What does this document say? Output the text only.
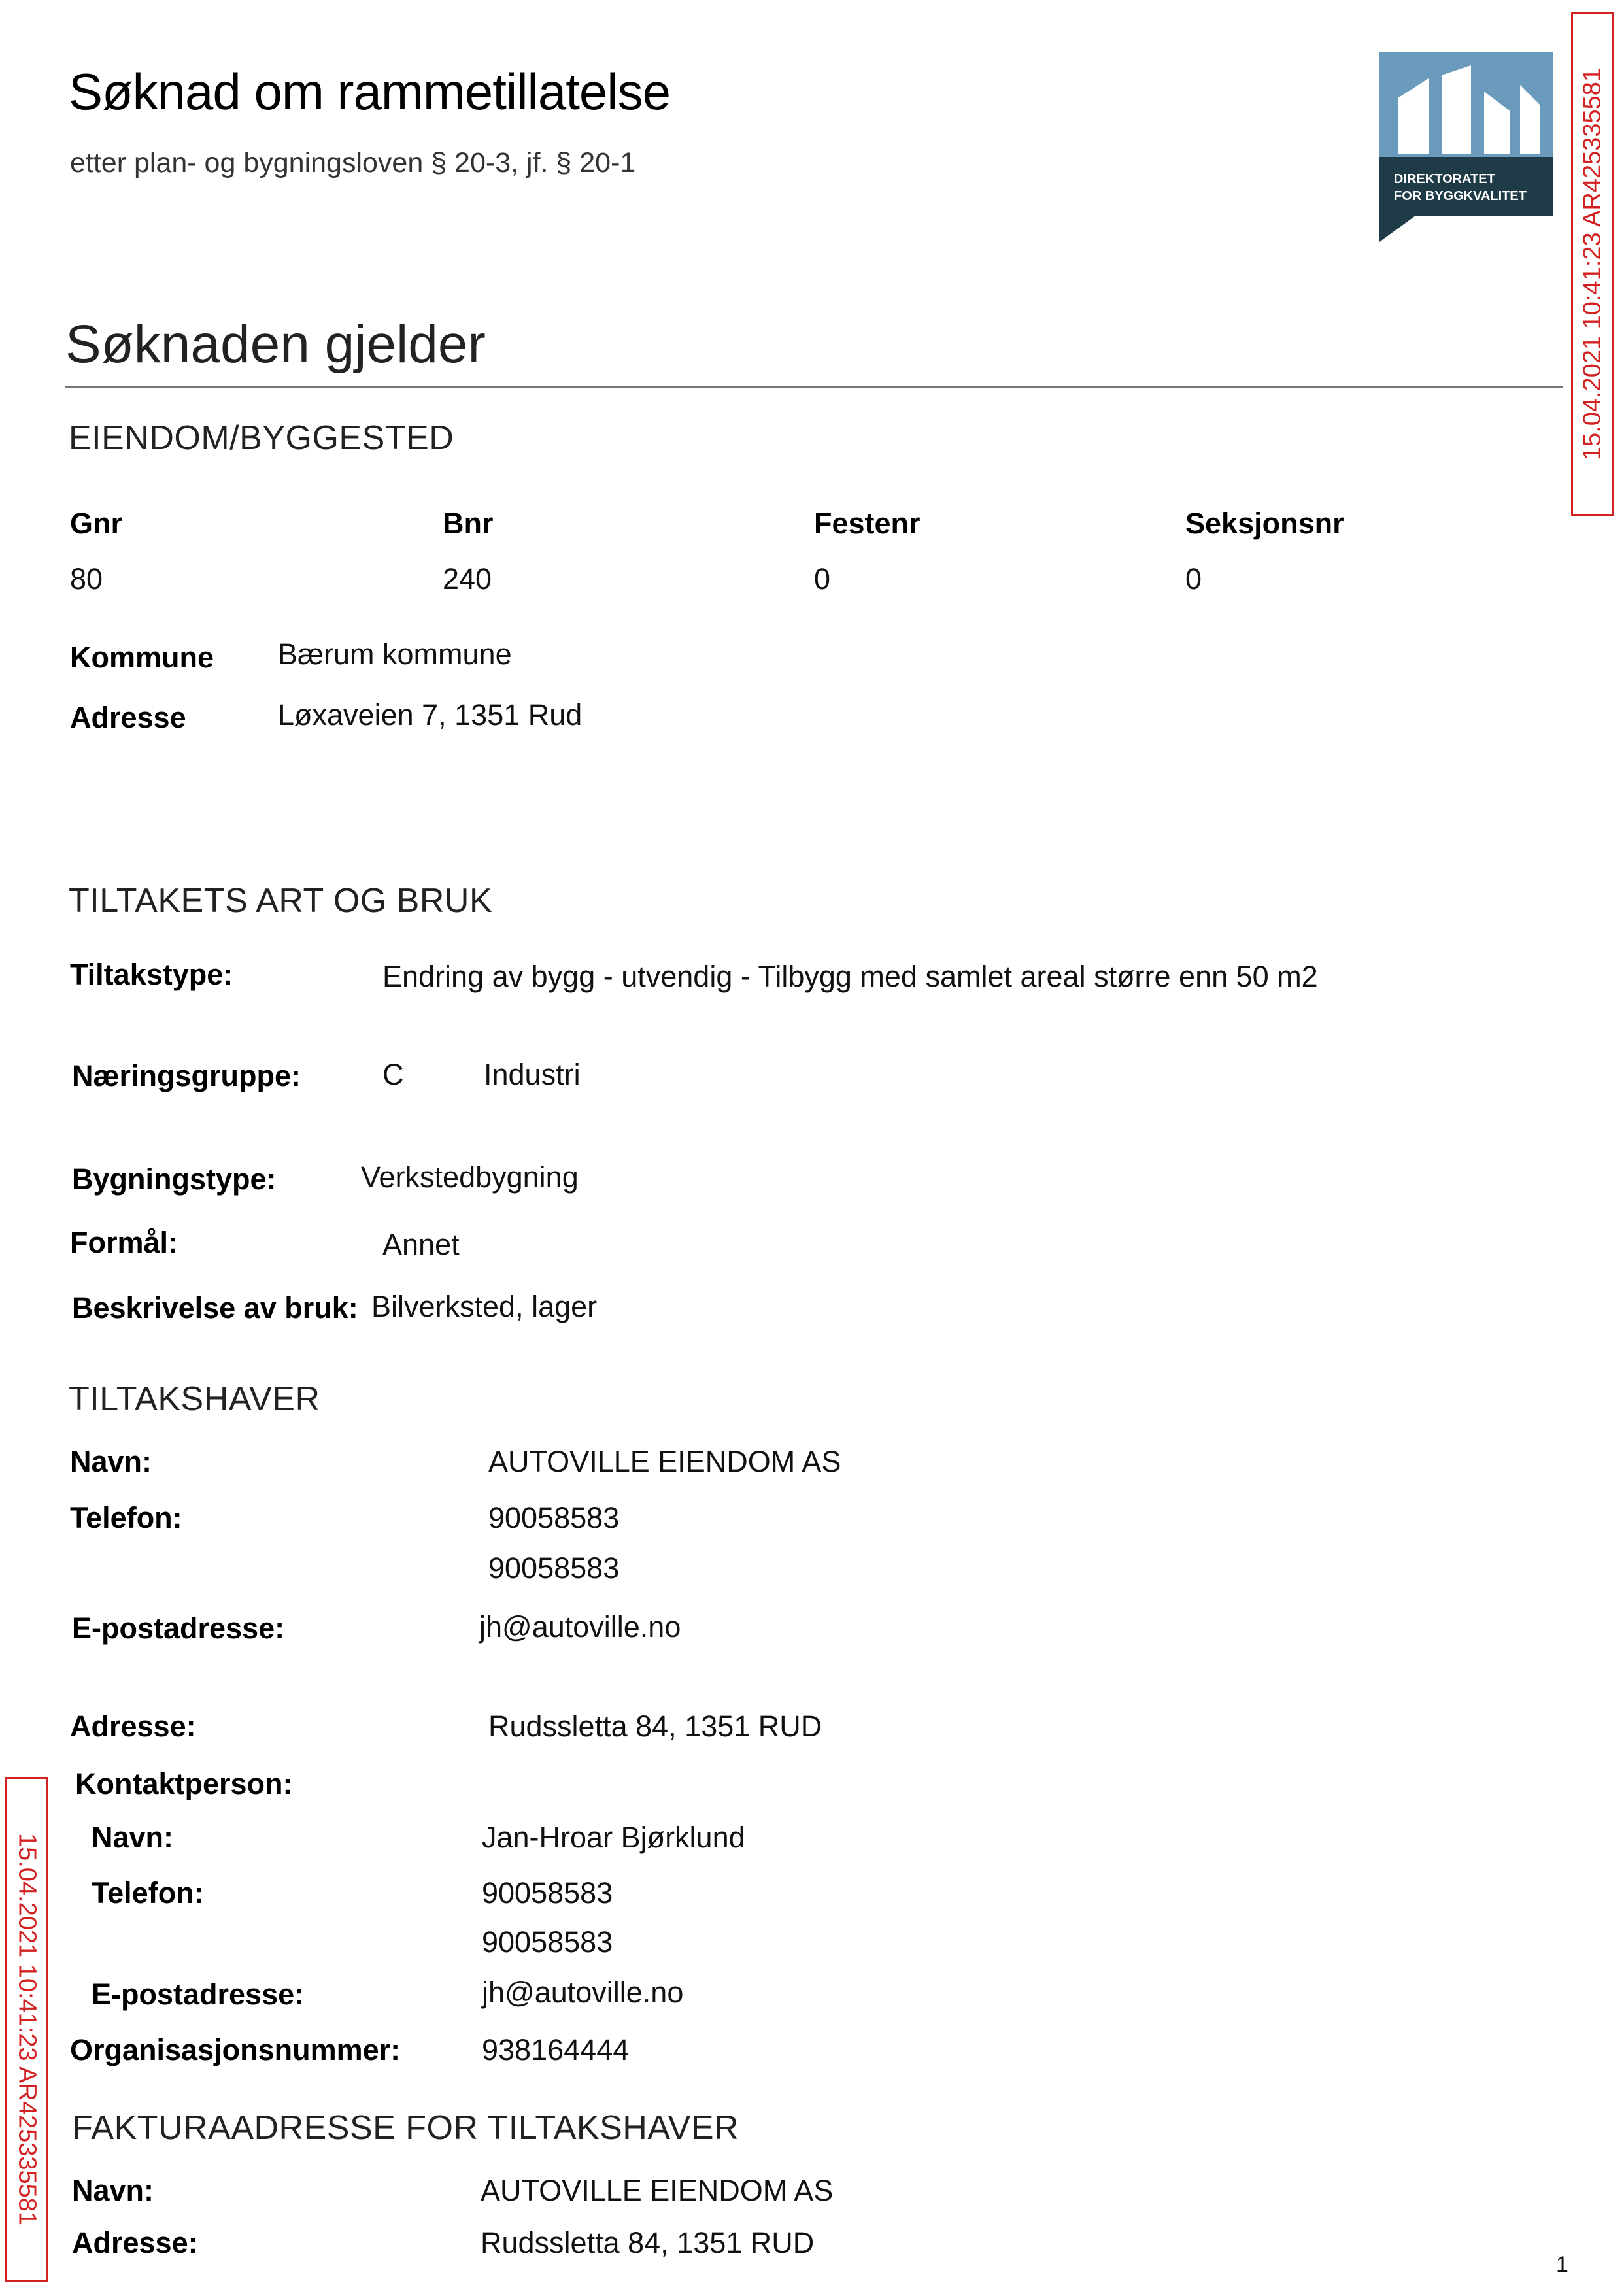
Søknad om rammetillatelse
etter plan- og bygningsloven § 20-3, jf. § 20-1
DIREKTORATET
FOR BYGGKVALITET 15.04.2021 10:41:23 AR425335581
15.04.2021 10:41:23 AR425335581
Søknaden gjelder
EIENDOM/BYGGESTED
Gnr	Bnr	Festenr	Seksjonsnr
80	240	0	0
Kommune Bærum kommune
Adresse	Løxaveien 7, 1351 Rud
TILTAKETS ART OG BRUK
Tiltakstype:	Endring av bygg - utvendig - Tilbygg med samlet areal større enn 50 m2
Næringsgruppe:	C	Industri
Bygningstype:	Verkstedbygning
Formål:	Annet
Beskrivelse av bruk: Bilverksted, lager
TILTAKSHAVER
Navn:	AUTOVILLE EIENDOM AS
Telefon:	90058583
90058583
E-postadresse:	jh@autoville.no
Adresse:	Rudssletta 84, 1351 RUD
Kontaktperson:
Navn:	Jan-Hroar Bjørklund
Telefon:	90058583
90058583
E-postadresse:	jh@autoville.no
Organisasjonsnummer:	938164444
FAKTURAADRESSE FOR TILTAKSHAVER
Navn:	AUTOVILLE EIENDOM AS
Adresse:	Rudssletta 84, 1351 RUD
1
